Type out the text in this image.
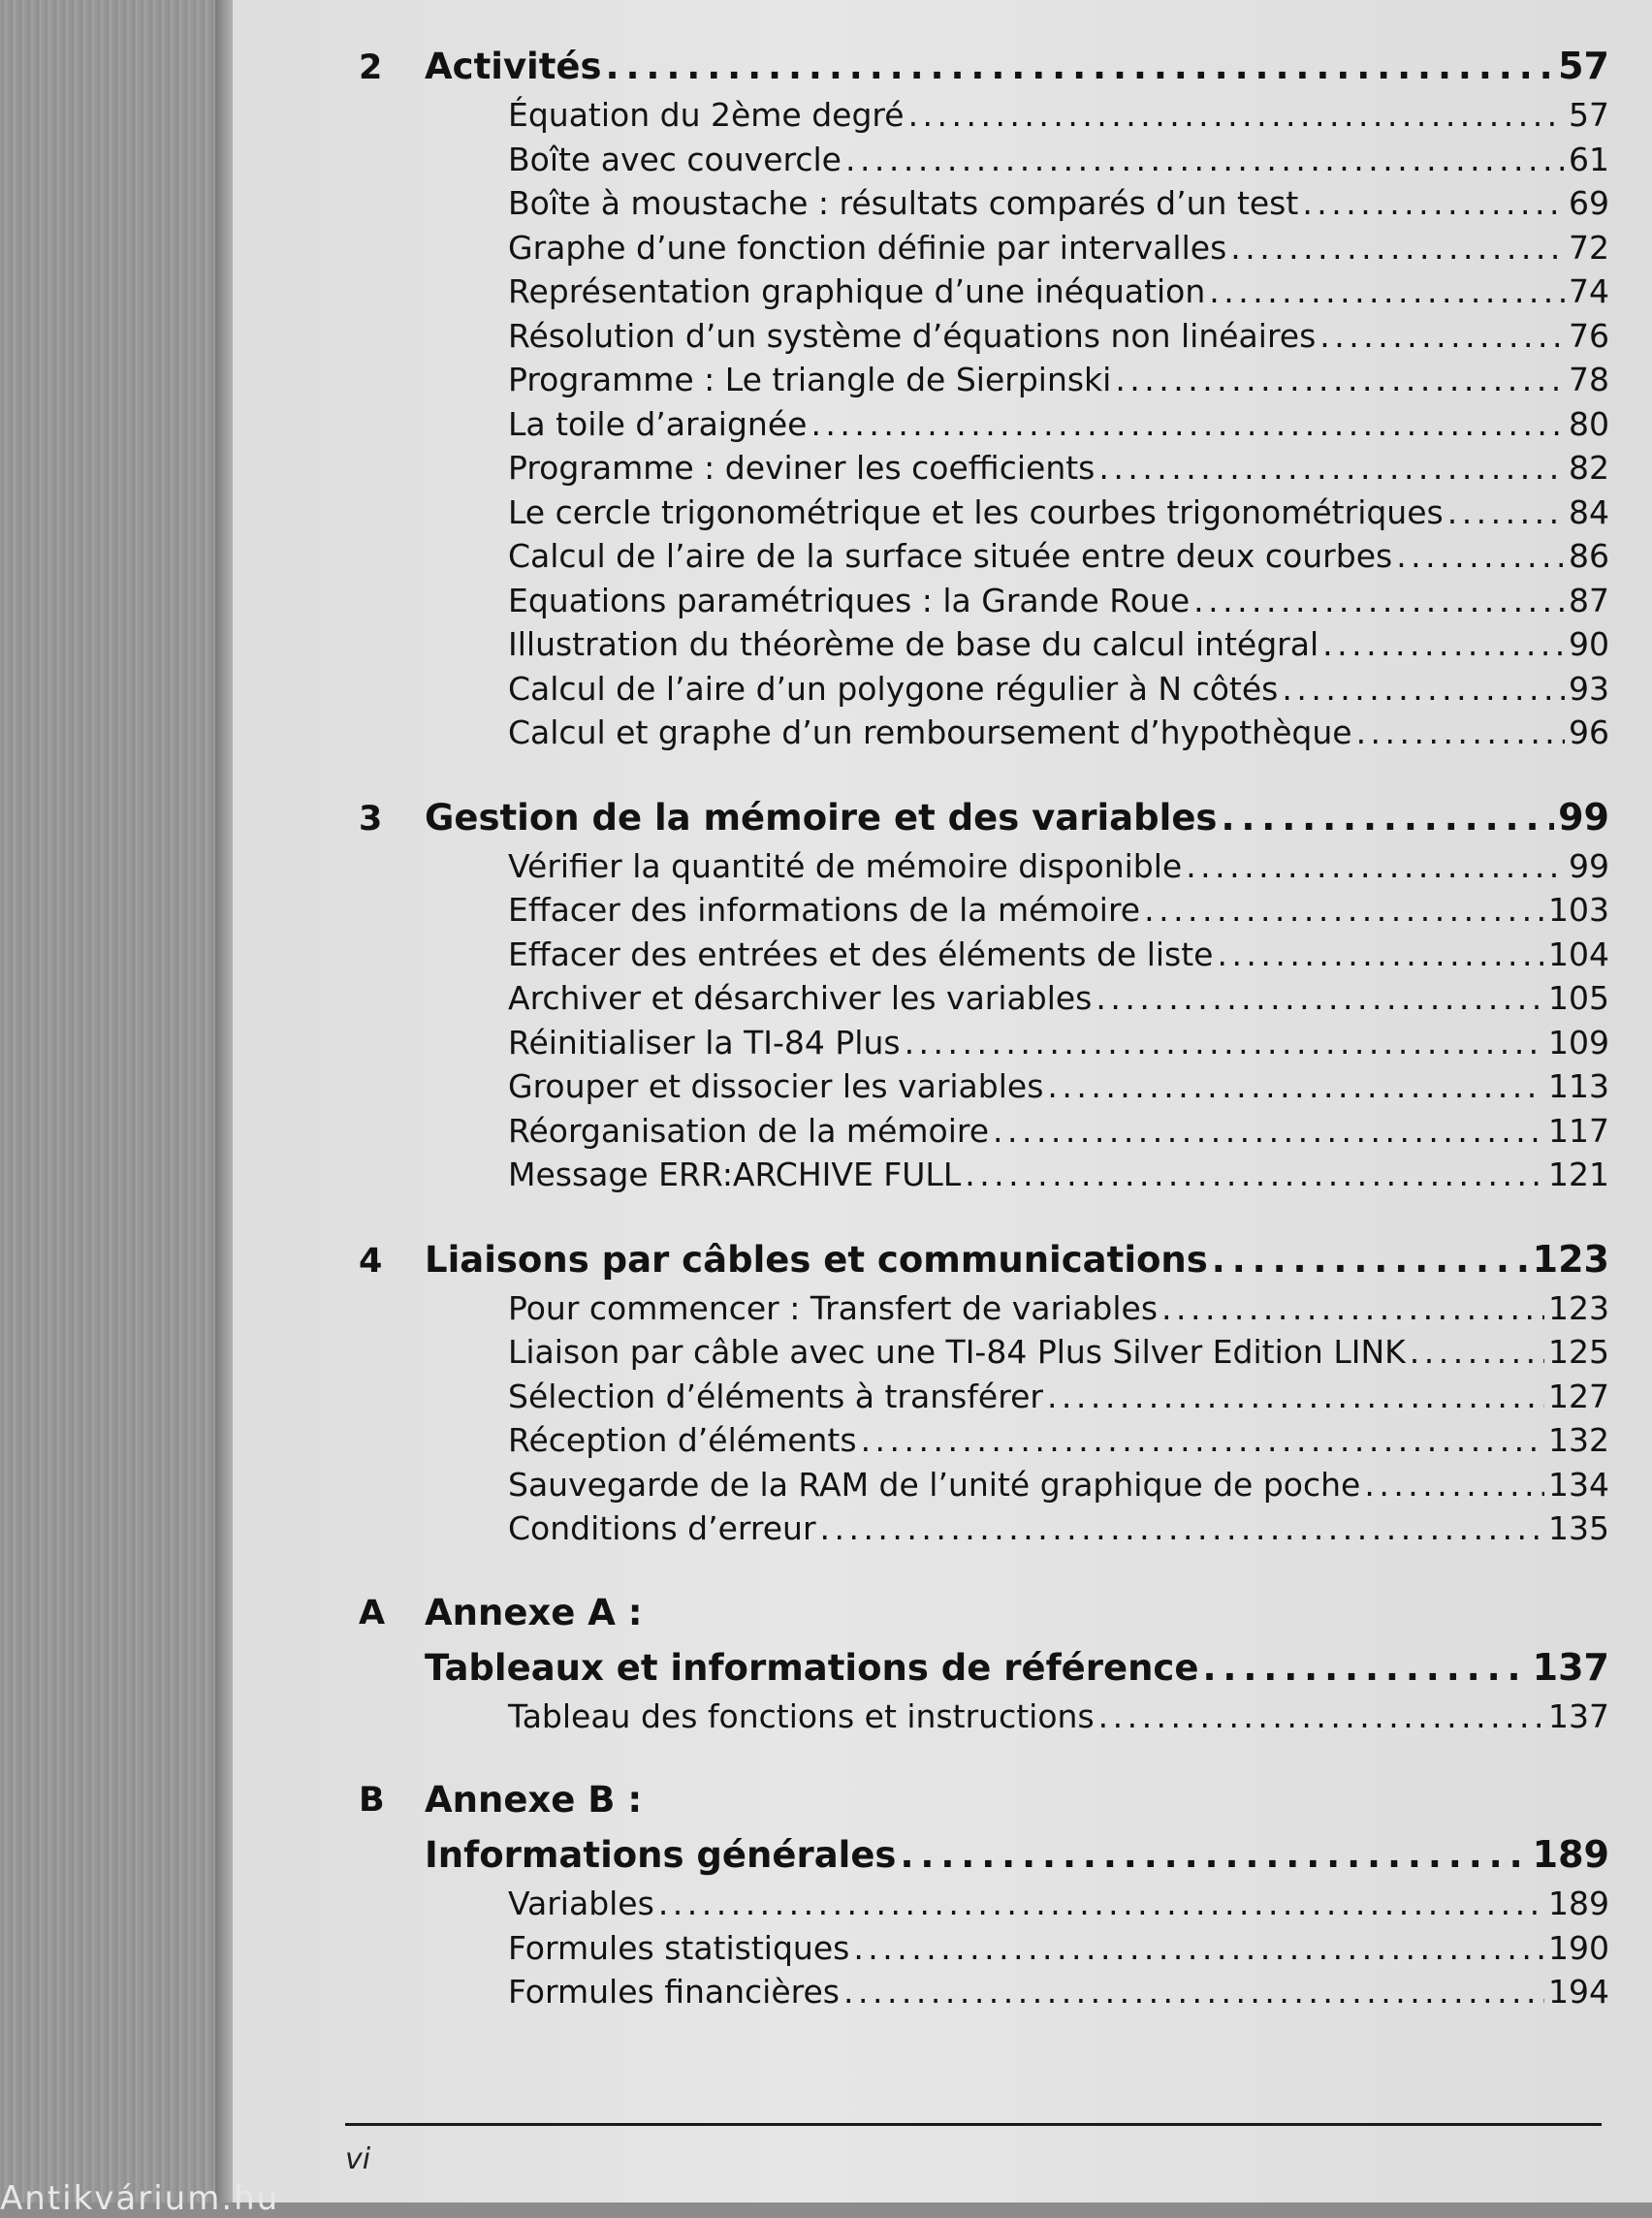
2	Activités . . .	57
Équation du 2ème degré . . .	57
Boîte avec couvercle . . .	61
Boîte à moustache : résultats comparés d’un test . . .	69
Graphe d’une fonction définie par intervalles . . .	72
Représentation graphique d’une inéquation . . .	74
Résolution d’un système d’équations non linéaires . . .	76
Programme : Le triangle de Sierpinski . . .	78
La toile d’araignée . . .	80
Programme : deviner les coefficients . . .	82
Le cercle trigonométrique et les courbes trigonométriques . . .	84
Calcul de l’aire de la surface située entre deux courbes . . .	86
Equations paramétriques : la Grande Roue . . .	87
Illustration du théorème de base du calcul intégral . . .	90
Calcul de l’aire d’un polygone régulier à N côtés . . .	93
Calcul et graphe d’un remboursement d’hypothèque . . .	96
3	Gestion de la mémoire et des variables . . .	99
Vérifier la quantité de mémoire disponible . . .	99
Effacer des informations de la mémoire . . .	103
Effacer des entrées et des éléments de liste . . .	104
Archiver et désarchiver les variables . . .	105
Réinitialiser la TI-84 Plus . . .	109
Grouper et dissocier les variables . . .	113
Réorganisation de la mémoire . . .	117
Message ERR:ARCHIVE FULL . . .	121
4	Liaisons par câbles et communications . . .	123
Pour commencer : Transfert de variables . . .	123
Liaison par câble avec une TI-84 Plus Silver Edition LINK . . .	125
Sélection d’éléments à transférer . . .	127
Réception d’éléments . . .	132
Sauvegarde de la RAM de l’unité graphique de poche . . .	134
Conditions d’erreur . . .	135
A	Annexe A :
Tableaux et informations de référence . . .	137
Tableau des fonctions et instructions . . .	137
B	Annexe B :
Informations générales . . .	189
Variables . . .	189
Formules statistiques . . .	190
Formules financières . . .	194
vi
Antikvárium.hu
